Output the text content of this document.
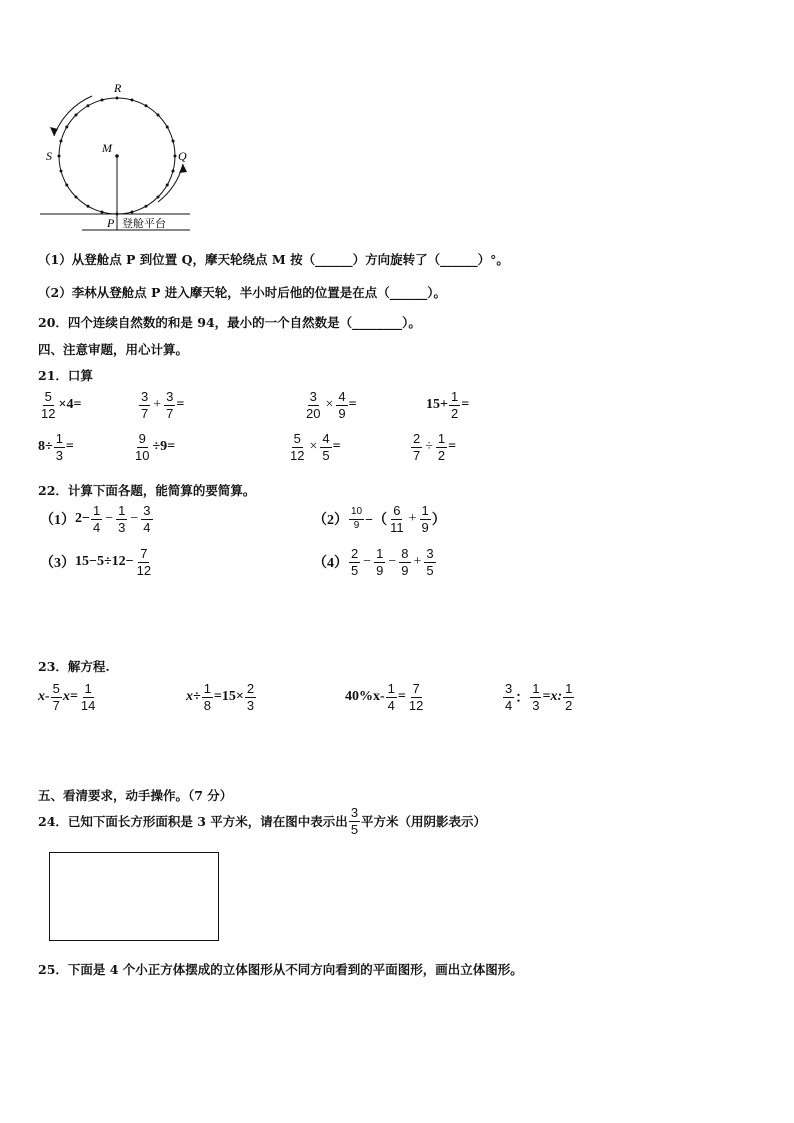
R
S	Q
M
P 登舱平台
（1）从登舱点 P 到位置 Q，摩天轮绕点 M 按（______）方向旋转了（______）°。
（2）李林从登舱点 P 进入摩天轮，半小时后他的位置是在点（______）。
20．四个连续自然数的和是 94，最小的一个自然数是（________）。
四、注意审题，用心计算。
21．口算
$\frac{5}{12} \times 4=$	$\frac{3}{7} + \frac{3}{7}$ =	$\frac{3}{20} \times \frac{4}{9}$ =	$15+ \frac{1}{2}$ =
$8\div \frac{1}{3}$ =	$\frac{9}{10} \div 9=$	$\frac{5}{12} \times \frac{4}{5}$ =	$\frac{2}{7} \div \frac{1}{2}$ =
22．计算下面各题，能简算的要简算。
（1） $2- \frac{1}{4} - \frac{1}{3} - \frac{3}{4}$	$(2) \frac{10}{9}$ −（ $\frac{6}{11} + \frac{1}{9}$ ）
（3） $15-5\div 12- \frac{7}{12}$	$(4) \frac{2}{5} - \frac{1}{9} - \frac{8}{9} + \frac{3}{5}$
23．解方程.
$x- \frac{5}{7} x= \frac{1}{14}$	$x\div \frac{1}{8} =15\times \frac{2}{3}$	$40\%x- \frac{1}{4} = \frac{7}{12}$	$\frac{3}{4}$ ： $\frac{1}{3} =x$: $\frac{1}{2}$
五、看清要求，动手操作。（7 分）
24．已知下面长方形面积是 3 平方米，请在图中表示出 $\frac{3}{5}$ 平方米（用阴影表示）
25．下面是 4 个小正方体摆成的立体图形从不同方向看到的平面图形，画出立体图形。
